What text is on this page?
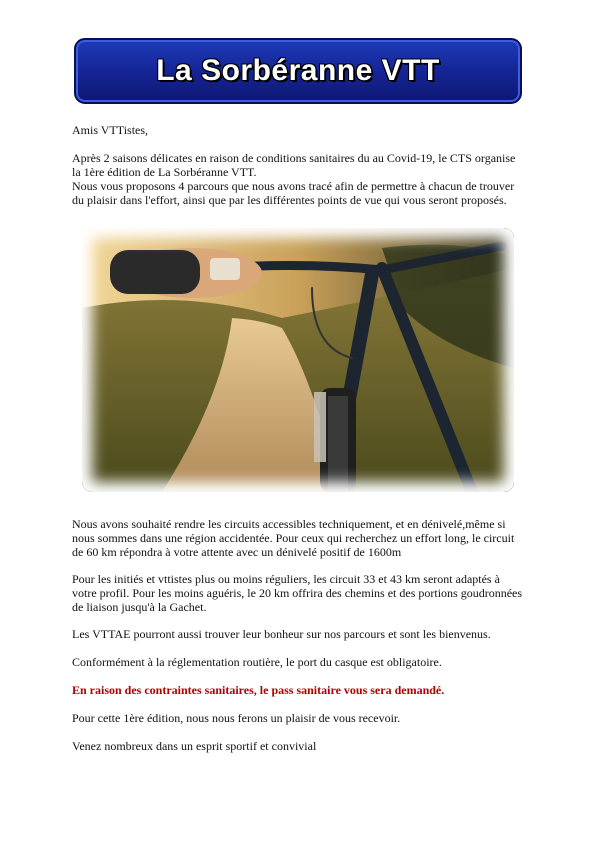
La Sorbéranne VTT

Amis VTTistes,

Après 2 saisons délicates en raison de conditions sanitaires du au Covid-19, le CTS organise
la 1ère édition de La Sorbéranne VTT.
Nous vous proposons 4 parcours que nous avons tracé afin de permettre à chacun de trouver
du plaisir dans l'effort, ainsi que par les différentes points de vue qui vous seront proposés.
Nous avons souhaité rendre les circuits accessibles techniquement, et en dénivelé,même si
nous sommes dans une région accidentée. Pour ceux qui recherchez un effort long, le circuit
de 60 km répondra à votre attente avec un dénivelé positif de 1600m
Pour les initiés et vttistes plus ou moins réguliers, les circuit 33 et 43 km seront adaptés à
votre profil. Pour les moins aguéris, le 20 km offrira des chemins et des portions goudronnées
de liaison jusqu'à la Gachet.

Les VTTAE pourront aussi trouver leur bonheur sur nos parcours et sont les bienvenus.

Conformément à la réglementation routière, le port du casque est obligatoire.

En raison des contraintes sanitaires, le pass sanitaire vous sera demandé.

Pour cette 1ère édition, nous nous ferons un plaisir de vous recevoir.

Venez nombreux dans un esprit sportif et convivial
